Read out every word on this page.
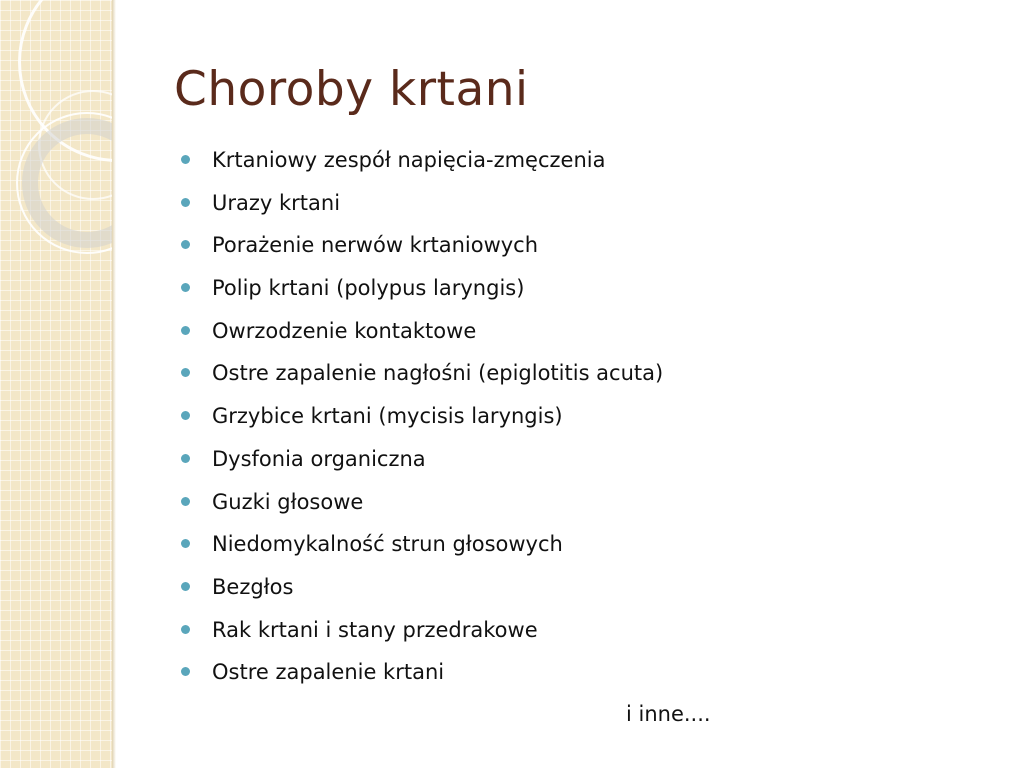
Choroby krtani
Krtaniowy zespół napięcia-zmęczenia
Urazy krtani
Porażenie nerwów krtaniowych
Polip krtani (polypus laryngis)
Owrzodzenie kontaktowe
Ostre zapalenie nagłośni (epiglotitis acuta)
Grzybice krtani (mycisis laryngis)
Dysfonia organiczna
Guzki głosowe
Niedomykalność strun głosowych
Bezgłos
Rak krtani i stany przedrakowe
Ostre zapalenie krtani
i inne....
